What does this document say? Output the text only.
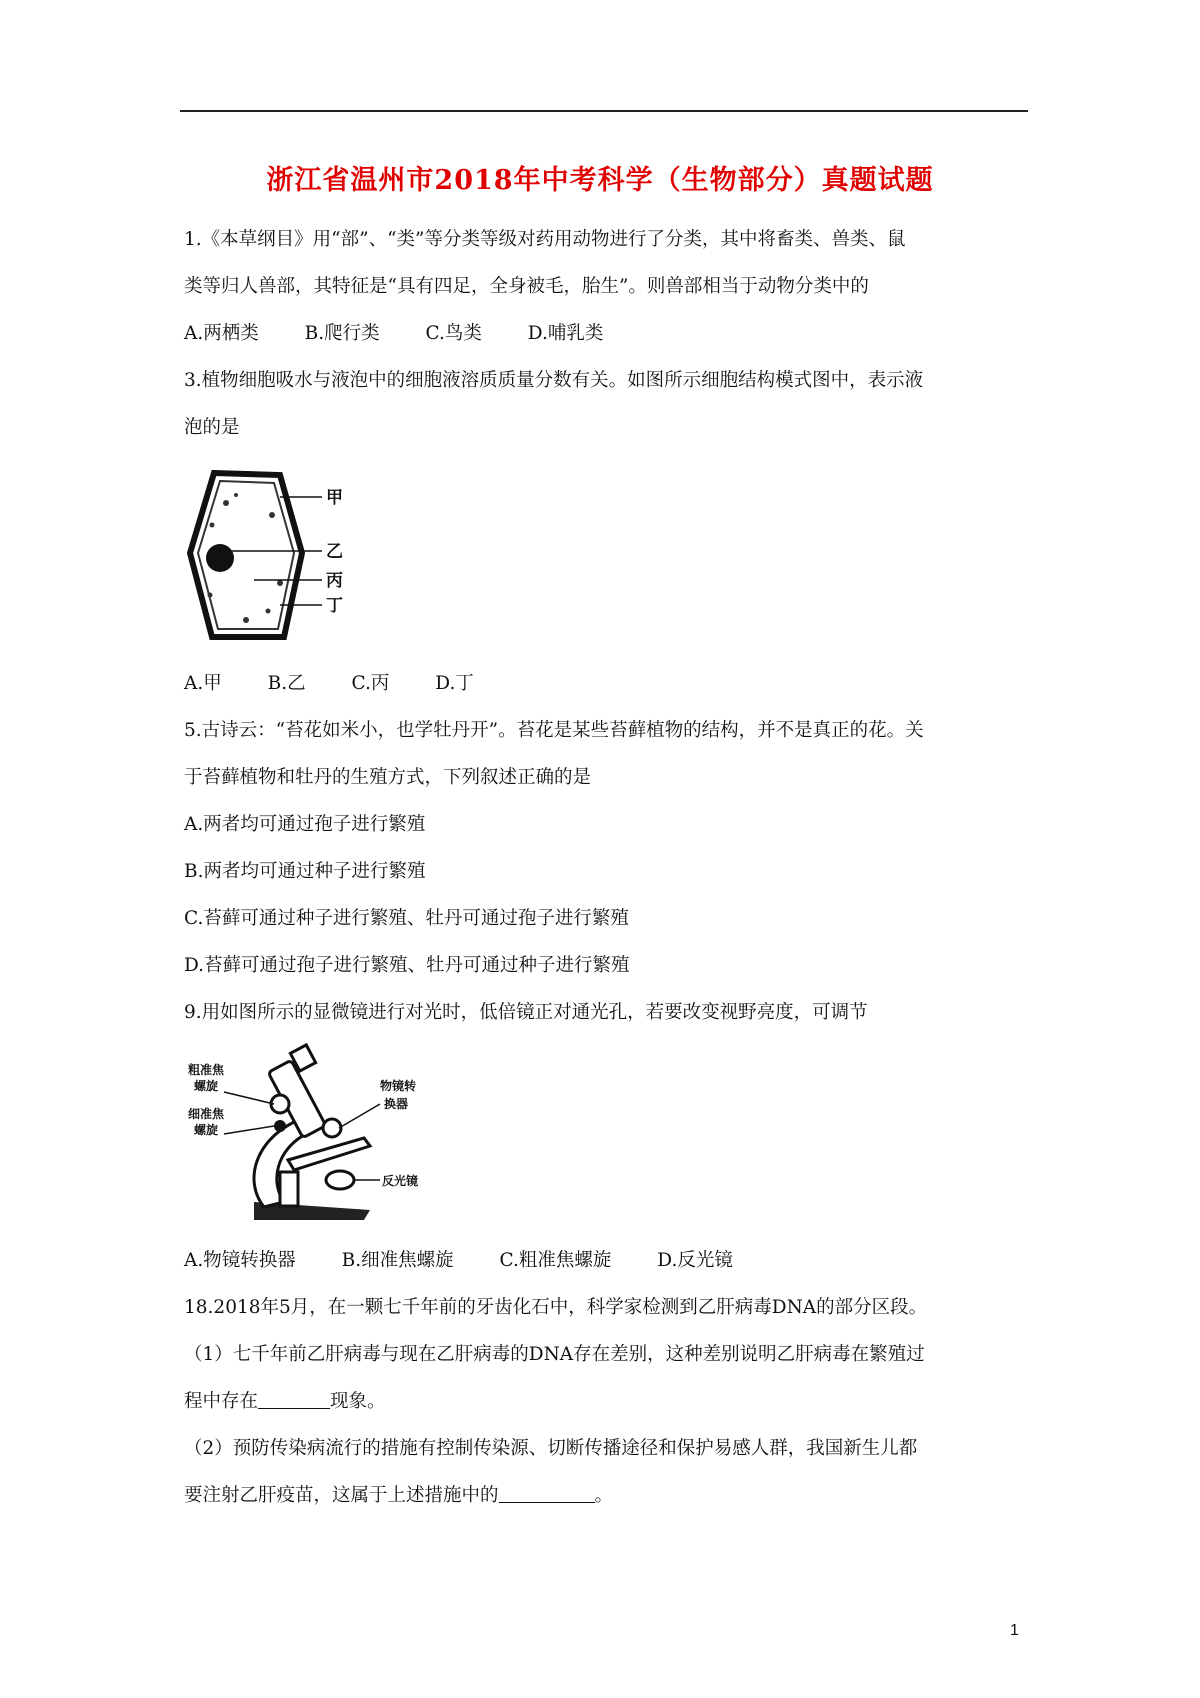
浙江省温州市2018年中考科学（生物部分）真题试题
1.《本草纲目》用“部”、“类”等分类等级对药用动物进行了分类，其中将畜类、兽类、鼠
类等归人兽部，其特征是“具有四足，全身被毛，胎生”。则兽部相当于动物分类中的
A.两栖类 B.爬行类 C.鸟类 D.哺乳类
3.植物细胞吸水与液泡中的细胞液溶质质量分数有关。如图所示细胞结构模式图中，表示液
泡的是
甲
乙
丙
丁
A.甲 B.乙 C.丙 D.丁
5.古诗云：“苔花如米小，也学牡丹开”。苔花是某些苔藓植物的结构，并不是真正的花。关
于苔藓植物和牡丹的生殖方式，下列叙述正确的是
A.两者均可通过孢子进行繁殖
B.两者均可通过种子进行繁殖
C.苔藓可通过种子进行繁殖、牡丹可通过孢子进行繁殖
D.苔藓可通过孢子进行繁殖、牡丹可通过种子进行繁殖
9.用如图所示的显微镜进行对光时，低倍镜正对通光孔，若要改变视野亮度，可调节
粗准焦
螺旋
细准焦
螺旋
物镜转
换器
反光镜
A.物镜转换器 B.细准焦螺旋 C.粗准焦螺旋 D.反光镜
18.2018年5月，在一颗七千年前的牙齿化石中，科学家检测到乙肝病毒DNA的部分区段。
（1）七千年前乙肝病毒与现在乙肝病毒的DNA存在差别，这种差别说明乙肝病毒在繁殖过
程中存在	现象。
（2）预防传染病流行的措施有控制传染源、切断传播途径和保护易感人群，我国新生儿都
要注射乙肝疫苗，这属于上述措施中的	。
1
